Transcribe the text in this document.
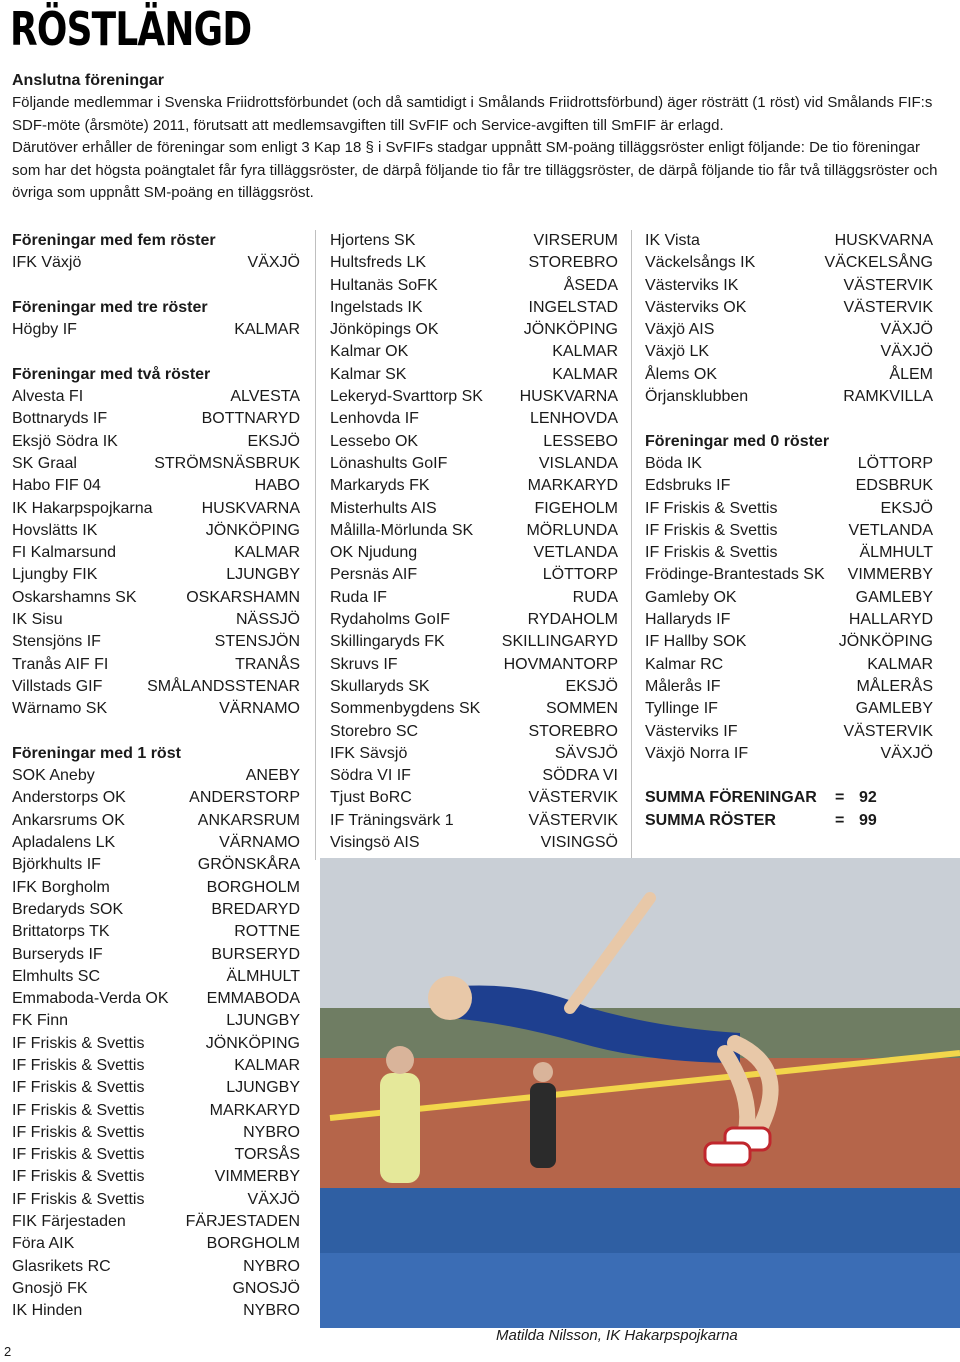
RÖSTLÄNGD

Anslutna föreningar

Följande medlemmar i Svenska Friidrottsförbundet (och då samtidigt i Smålands Friidrottsförbund) äger rösträtt (1 röst) vid Smålands FIF:s SDF-möte (årsmöte) 2011, förutsatt att medlemsavgiften till SvFIF och Service-avgiften till SmFIF är erlagd.

Därutöver erhåller de föreningar som enligt 3 Kap 18 § i SvFIFs stadgar uppnått SM-poäng tilläggsröster enligt följande: De tio föreningar som har det högsta poängtalet får fyra tilläggsröster, de därpå följande tio får tre tilläggsröster, de därpå följande tio får två tilläggsröster och övriga som uppnått SM-poäng en tilläggsröst.

Föreningar med fem röster
IFK Växjö	VÄXJÖ
Föreningar med tre röster
Högby IF	KALMAR
Föreningar med två röster
Alvesta FI	ALVESTA
Bottnaryds IF	BOTTNARYD
Eksjö Södra IK	EKSJÖ
SK Graal	STRÖMSNÄSBRUK
Habo FIF 04	HABO
IK Hakarpspojkarna	HUSKVARNA
Hovslätts IK	JÖNKÖPING
FI Kalmarsund	KALMAR
Ljungby FIK	LJUNGBY
Oskarshamns SK	OSKARSHAMN
IK Sisu	NÄSSJÖ
Stensjöns IF	STENSJÖN
Tranås AIF FI	TRANÅS
Villstads GIF	SMÅLANDSSTENAR
Wärnamo SK	VÄRNAMO
Föreningar med 1 röst
SOK Aneby	ANEBY
Anderstorps OK	ANDERSTORP
Ankarsrums OK	ANKARSRUM
Apladalens LK	VÄRNAMO
Björkhults IF	GRÖNSKÅRA
IFK Borgholm	BORGHOLM
Bredaryds SOK	BREDARYD
Brittatorps TK	ROTTNE
Burseryds IF	BURSERYD
Elmhults SC	ÄLMHULT
Emmaboda-Verda OK EMMABODA
FK Finn	LJUNGBY
IF Friskis & Svettis	JÖNKÖPING
IF Friskis & Svettis	KALMAR
IF Friskis & Svettis	LJUNGBY
IF Friskis & Svettis	MARKARYD
IF Friskis & Svettis	NYBRO
IF Friskis & Svettis	TORSÅS
IF Friskis & Svettis	VIMMERBY
IF Friskis & Svettis	VÄXJÖ
FIK Färjestaden	FÄRJESTADEN
Föra AIK	BORGHOLM
Glasrikets RC	NYBRO
Gnosjö FK	GNOSJÖ
IK Hinden	NYBRO
Hjortens SK	VIRSERUM
Hultsfreds LK	STOREBRO
Hultanäs SoFK	ÅSEDA
Ingelstads IK	INGELSTAD
Jönköpings OK	JÖNKÖPING
Kalmar OK	KALMAR
Kalmar SK	KALMAR
Lekeryd-Svarttorp SK HUSKVARNA
Lenhovda IF	LENHOVDA
Lessebo OK	LESSEBO
Lönashults GoIF	VISLANDA
Markaryds FK	MARKARYD
Misterhults AIS	FIGEHOLM
Målilla-Mörlunda SK	MÖRLUNDA
OK Njudung	VETLANDA
Persnäs AIF	LÖTTORP
Ruda IF	RUDA
Rydaholms GoIF	RYDAHOLM
Skillingaryds FK	SKILLINGARYD
Skruvs IF	HOVMANTORP
Skullaryds SK	EKSJÖ
Sommenbygdens SK	SOMMEN
Storebro SC	STOREBRO
IFK Sävsjö	SÄVSJÖ
Södra VI IF	SÖDRA VI
Tjust BoRC	VÄSTERVIK
IF Träningsvärk 1	VÄSTERVIK
Visingsö AIS	VISINGSÖ
IK Vista	HUSKVARNA
Väckelsångs IK	VÄCKELSÅNG
Västerviks IK	VÄSTERVIK
Västerviks OK	VÄSTERVIK
Växjö AIS	VÄXJÖ
Växjö LK	VÄXJÖ
Ålems OK	ÅLEM
Örjansklubben	RAMKVILLA
Föreningar med 0 röster
Böda IK	LÖTTORP
Edsbruks IF	EDSBRUK
IF Friskis & Svettis	EKSJÖ
IF Friskis & Svettis	VETLANDA
IF Friskis & Svettis	ÄLMHULT
Frödinge-Brantestads SK VIMMERBY
Gamleby OK	GAMLEBY
Hallaryds IF	HALLARYD
IF Hallby SOK	JÖNKÖPING
Kalmar RC	KALMAR
Målerås IF	MÅLERÅS
Tyllinge IF	GAMLEBY
Västerviks IF	VÄSTERVIK
Växjö Norra IF	VÄXJÖ
SUMMA FÖRENINGAR	= 92
SUMMA RÖSTER	= 99
Matilda Nilsson, IK Hakarpspojkarna
2
